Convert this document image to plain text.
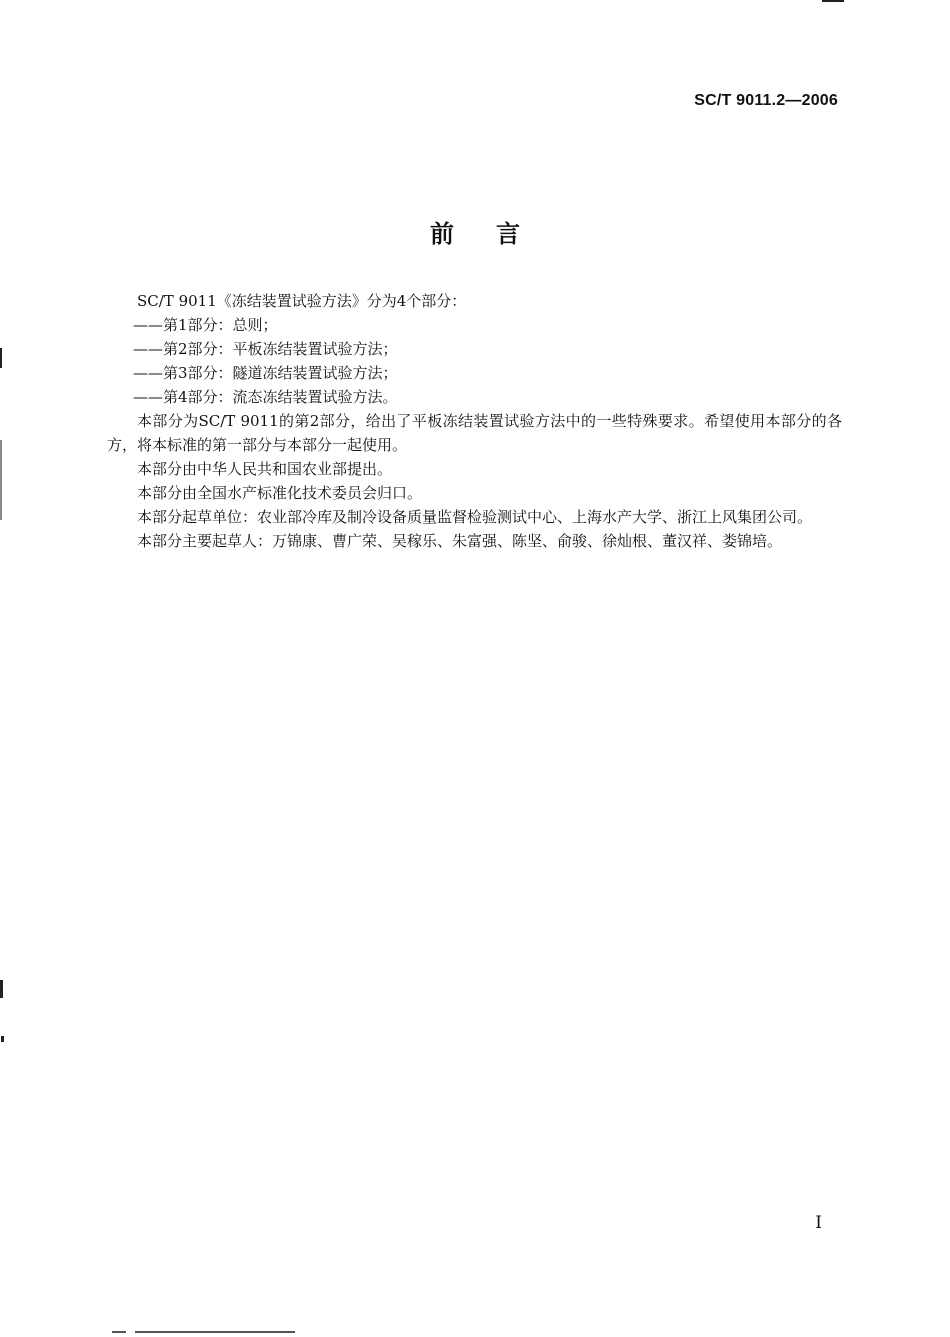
SC/T 9011.2—2006
前言

SC/T 9011《冻结装置试验方法》分为4个部分：

——第1部分：总则；

——第2部分：平板冻结装置试验方法；

——第3部分：隧道冻结装置试验方法；

——第4部分：流态冻结装置试验方法。

本部分为SC/T 9011的第2部分，给出了平板冻结装置试验方法中的一些特殊要求。希望使用本部分的各方，将本标准的第一部分与本部分一起使用。

本部分由中华人民共和国农业部提出。

本部分由全国水产标准化技术委员会归口。

本部分起草单位：农业部冷库及制冷设备质量监督检验测试中心、上海水产大学、浙江上风集团公司。

本部分主要起草人：万锦康、曹广荣、吴稼乐、朱富强、陈坚、俞骏、徐灿根、董汉祥、娄锦培。

I
